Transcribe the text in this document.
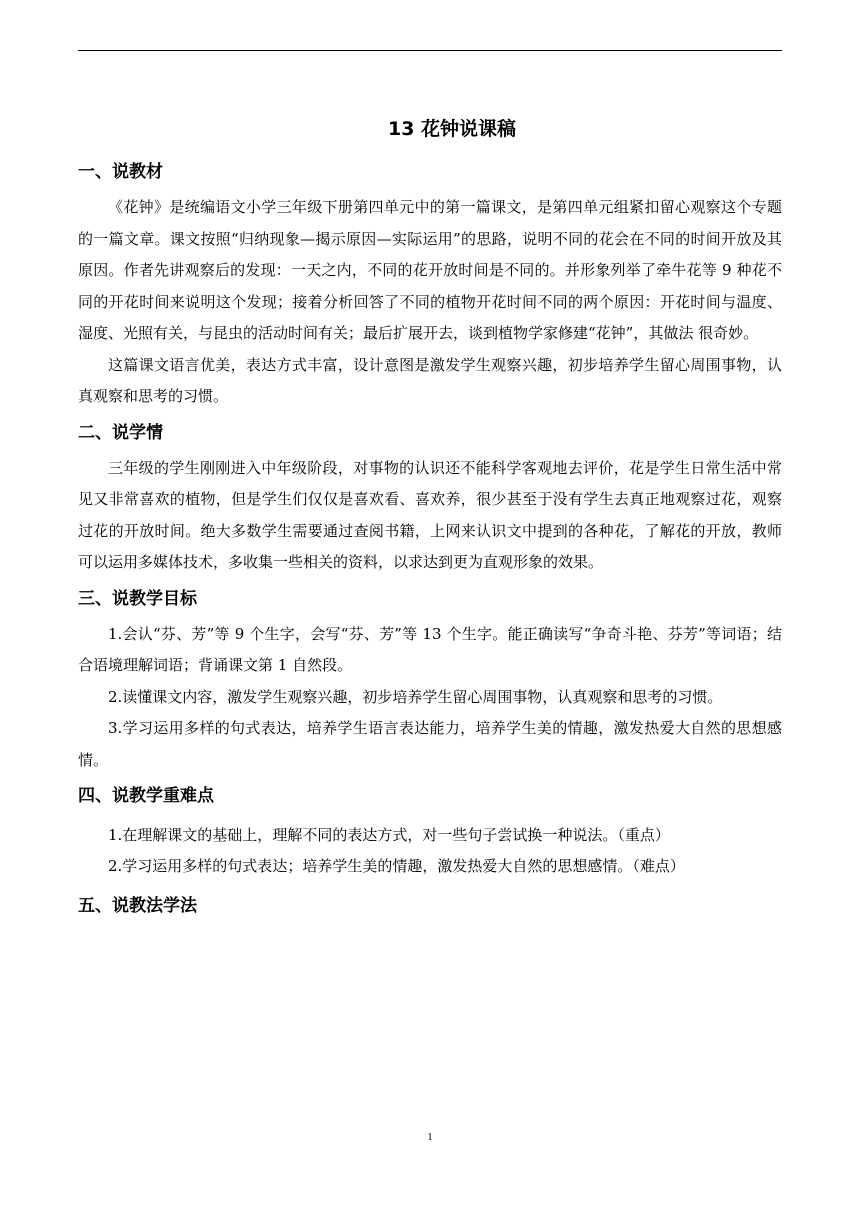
13 花钟说课稿
一、说教材

《花钟》是统编语文小学三年级下册第四单元中的第一篇课文，是第四单元组紧扣留心观察这个专题的一篇文章。课文按照“归纳现象—揭示原因—实际运用”的思路，说明不同的花会在不同的时间开放及其原因。作者先讲观察后的发现：一天之内，不同的花开放时间是不同的。并形象列举了牵牛花等 9 种花不同的开花时间来说明这个发现；接着分析回答了不同的植物开花时间不同的两个原因：开花时间与温度、湿度、光照有关，与昆虫的活动时间有关；最后扩展开去，谈到植物学家修建“花钟”，其做法 很奇妙。

这篇课文语言优美，表达方式丰富，设计意图是激发学生观察兴趣，初步培养学生留心周围事物，认真观察和思考的习惯。

二、说学情

三年级的学生刚刚进入中年级阶段，对事物的认识还不能科学客观地去评价，花是学生日常生活中常见又非常喜欢的植物，但是学生们仅仅是喜欢看、喜欢养，很少甚至于没有学生去真正地观察过花，观察过花的开放时间。绝大多数学生需要通过查阅书籍，上网来认识文中提到的各种花，了解花的开放，教师可以运用多媒体技术，多收集一些相关的资料，以求达到更为直观形象的效果。

三、说教学目标

1.会认“芬、芳”等 9 个生字，会写“芬、芳”等 13 个生字。能正确读写“争奇斗艳、芬芳”等词语；结合语境理解词语；背诵课文第 1 自然段。

2.读懂课文内容，激发学生观察兴趣，初步培养学生留心周围事物，认真观察和思考的习惯。

3.学习运用多样的句式表达，培养学生语言表达能力，培养学生美的情趣，激发热爱大自然的思想感情。

四、说教学重难点

1.在理解课文的基础上，理解不同的表达方式，对一些句子尝试换一种说法。（重点）

2.学习运用多样的句式表达；培养学生美的情趣，激发热爱大自然的思想感情。（难点）

五、说教法学法
1
